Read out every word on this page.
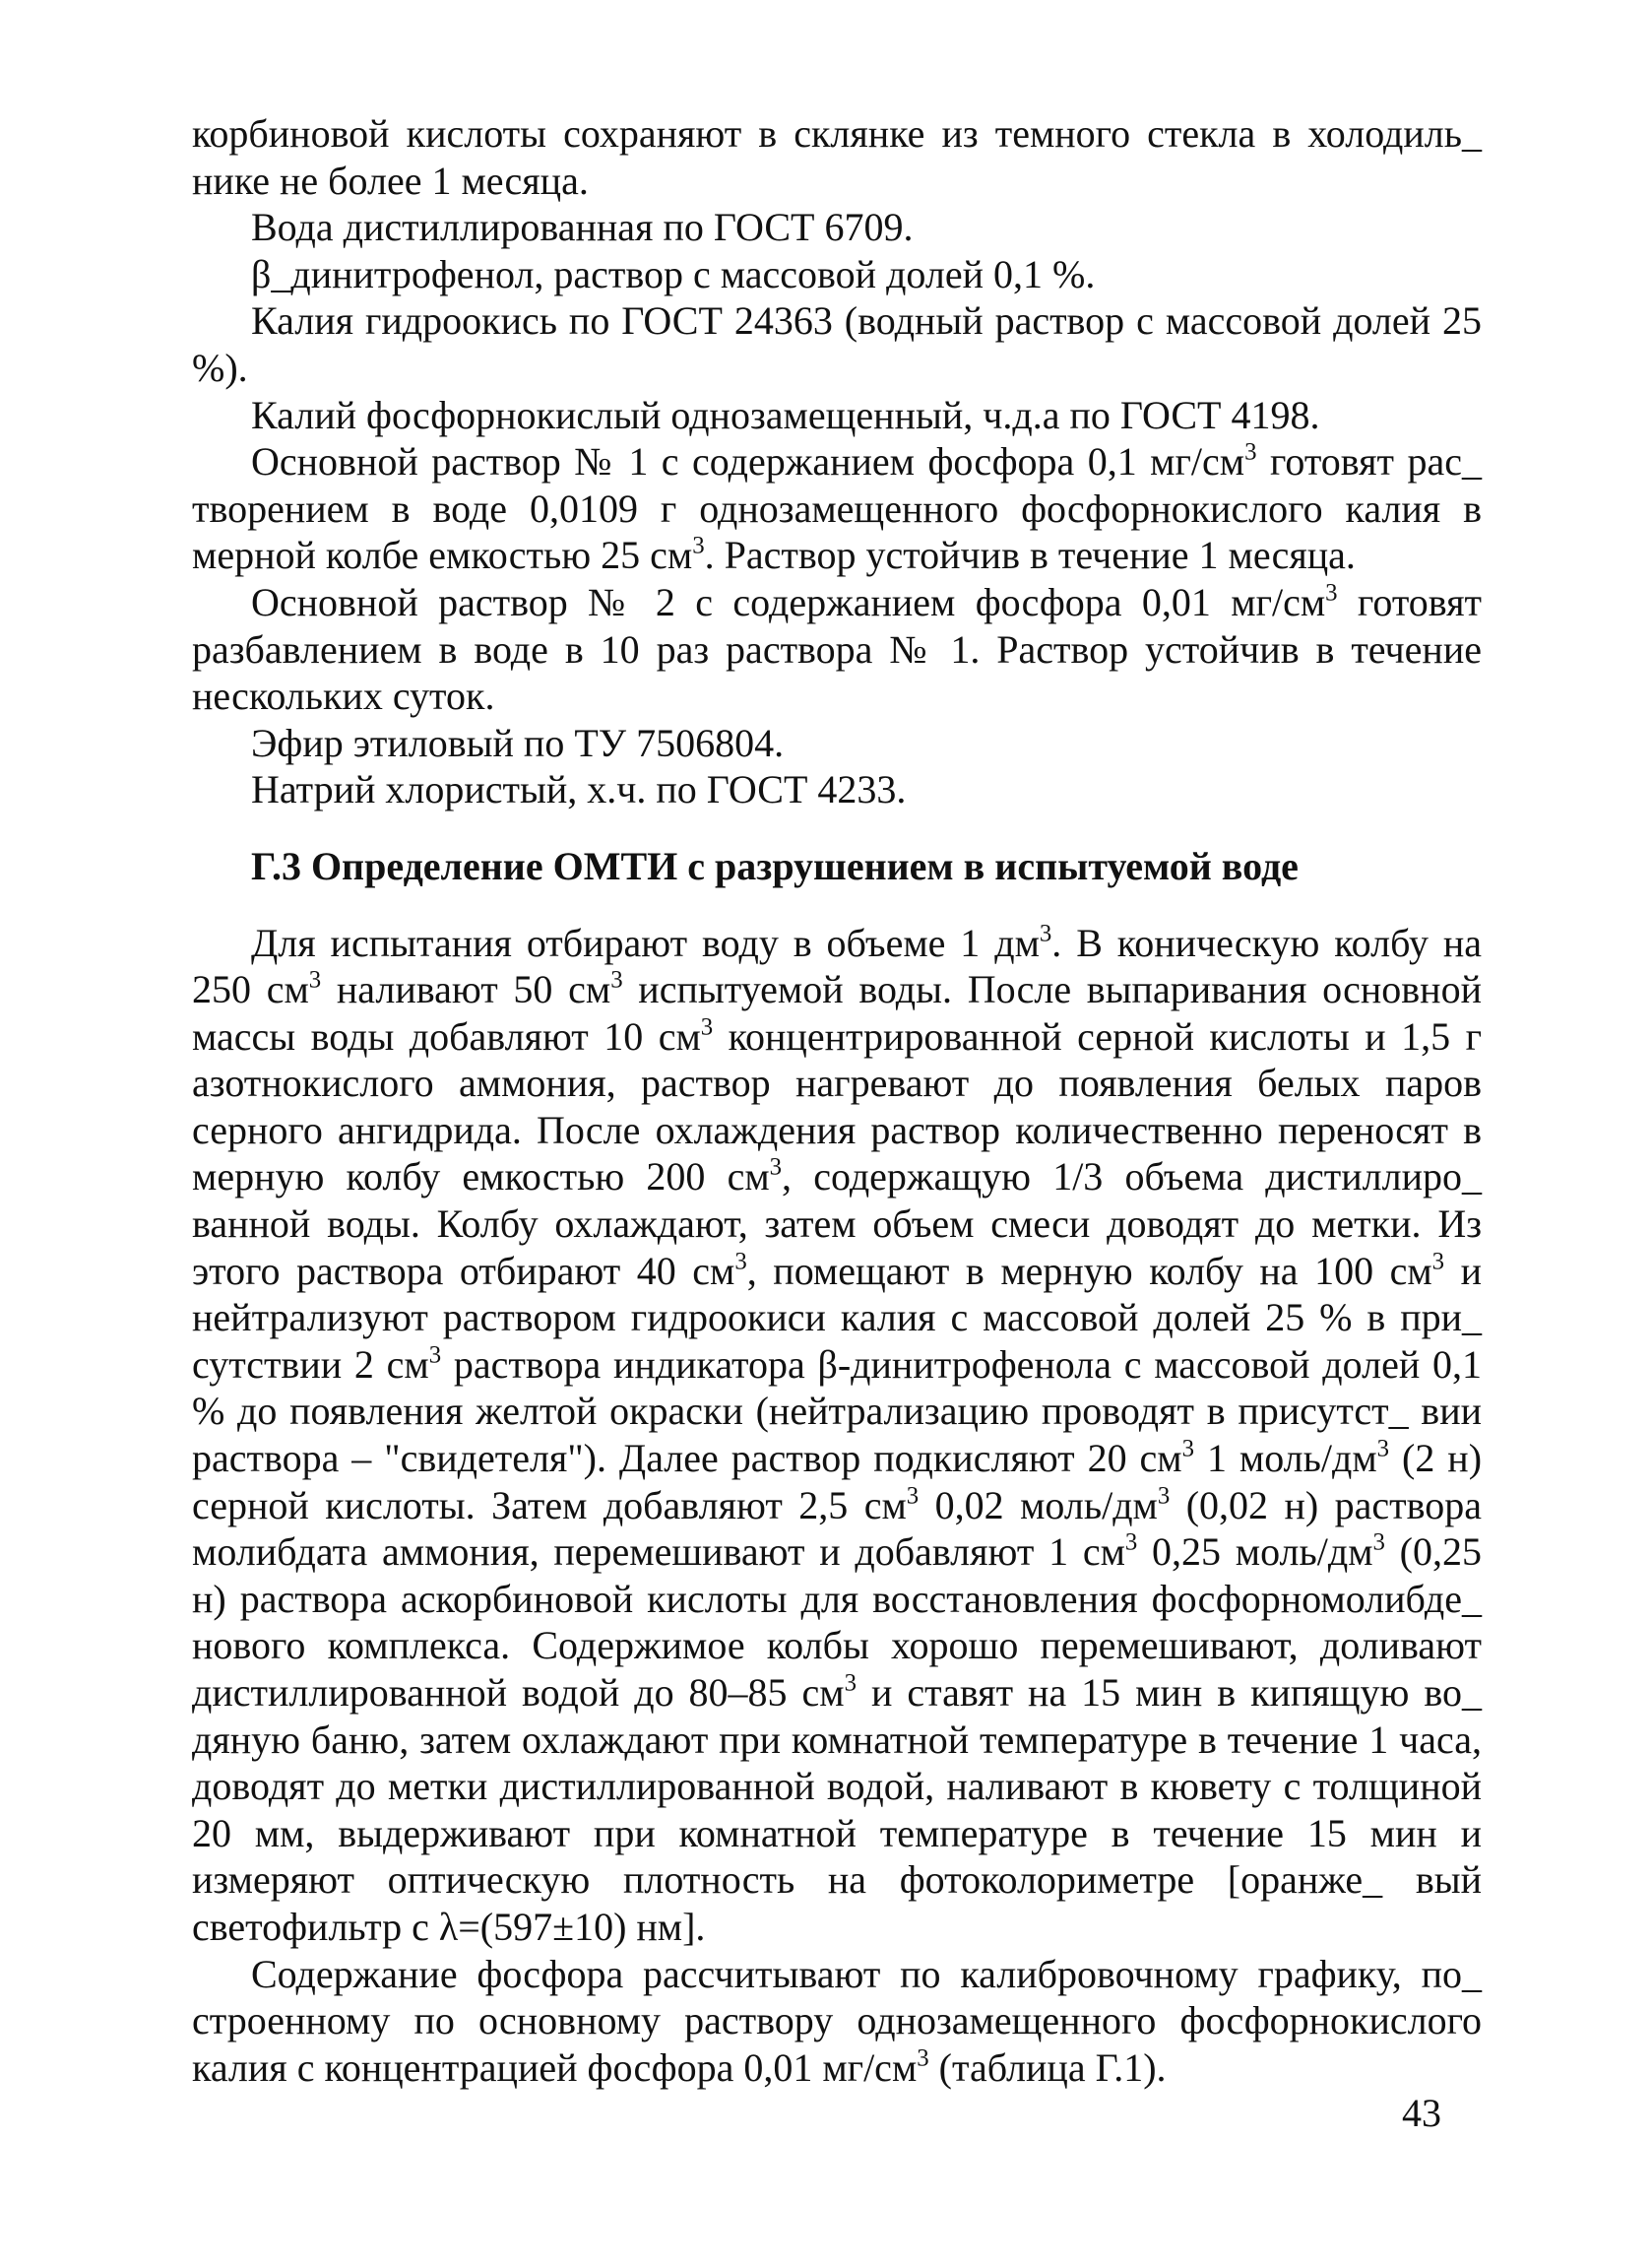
корбиновой кислоты сохраняют в склянке из темного стекла в холодиль_ нике не более 1 месяца.

Вода дистиллированная по ГОСТ 6709.

β_динитрофенол, раствор с массовой долей 0,1 %.

Калия гидроокись по ГОСТ 24363 (водный раствор с массовой долей 25 %).

Калий фосфорнокислый однозамещенный, ч.д.а по ГОСТ 4198.

Основной раствор № 1 с содержанием фосфора 0,1 $мг/см^3$ готовят рас_ творением в воде 0,0109 г однозамещенного фосфорнокислого калия в мерной колбе емкостью 25 $см^3$. Раствор устойчив в течение 1 месяца.

Основной раствор № 2 с содержанием фосфора 0,01 $мг/см^3$ готовят разбавлением в воде в 10 раз раствора № 1. Раствор устойчив в течение нескольких суток.

Эфир этиловый по ТУ 7506804.

Натрий хлористый, х.ч. по ГОСТ 4233.

Г.3 Определение ОМТИ с разрушением в испытуемой воде

Для испытания отбирают воду в объеме 1 $дм^3$. В коническую колбу на 250 $см^3$ наливают 50 $см^3$ испытуемой воды. После выпаривания основной массы воды добавляют 10 $см^3$ концентрированной серной кислоты и 1,5 г азотнокислого аммония, раствор нагревают до появления белых паров серного ангидрида. После охлаждения раствор количественно переносят в мерную колбу емкостью 200 $см^3$, содержащую 1/3 объема дистиллиро_ ванной воды. Колбу охлаждают, затем объем смеси доводят до метки. Из этого раствора отбирают 40 $см^3$, помещают в мерную колбу на 100 $см^3$ и нейтрализуют раствором гидроокиси калия с массовой долей 25 % в при_ сутствии 2 $см^3$ раствора индикатора β-динитрофенола с массовой долей 0,1 % до появления желтой окраски (нейтрализацию проводят в присутст_ вии раствора – "свидетеля"). Далее раствор подкисляют 20 $см^3$ 1 моль/$дм^3$ (2 н) серной кислоты. Затем добавляют 2,5 $см^3$ 0,02 моль/$дм^3$ (0,02 н) раствора молибдата аммония, перемешивают и добавляют 1 $см^3$ 0,25 моль/$дм^3$ (0,25 н) раствора аскорбиновой кислоты для восстановления фосфорномолибде_ нового комплекса. Содержимое колбы хорошо перемешивают, доливают дистиллированной водой до 80–85 $см^3$ и ставят на 15 мин в кипящую во_ дяную баню, затем охлаждают при комнатной температуре в течение 1 часа, доводят до метки дистиллированной водой, наливают в кювету с толщиной 20 мм, выдерживают при комнатной температуре в течение 15 мин и измеряют оптическую плотность на фотоколориметре [оранже_ вый светофильтр с λ=(597±10) нм].

Содержание фосфора рассчитывают по калибровочному графику, по_ строенному по основному раствору однозамещенного фосфорнокислого калия с концентрацией фосфора 0,01 $мг/см^3$ (таблица Г.1).

43
